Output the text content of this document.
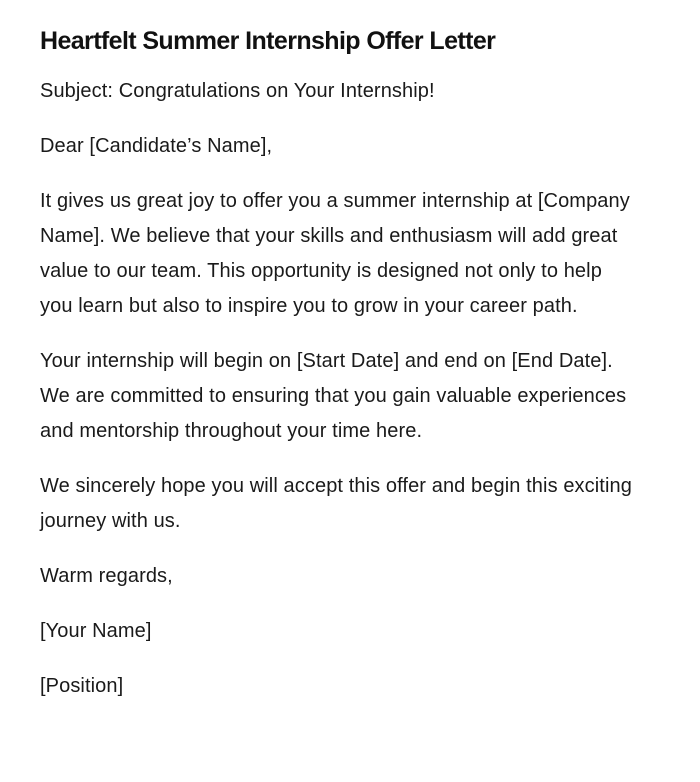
Heartfelt Summer Internship Offer Letter

Subject: Congratulations on Your Internship!

Dear [Candidate’s Name],

It gives us great joy to offer you a summer internship at [Company Name]. We believe that your skills and enthusiasm will add great value to our team. This opportunity is designed not only to help you learn but also to inspire you to grow in your career path.

Your internship will begin on [Start Date] and end on [End Date]. We are committed to ensuring that you gain valuable experiences and mentorship throughout your time here.

We sincerely hope you will accept this offer and begin this exciting journey with us.

Warm regards,

[Your Name]

[Position]
